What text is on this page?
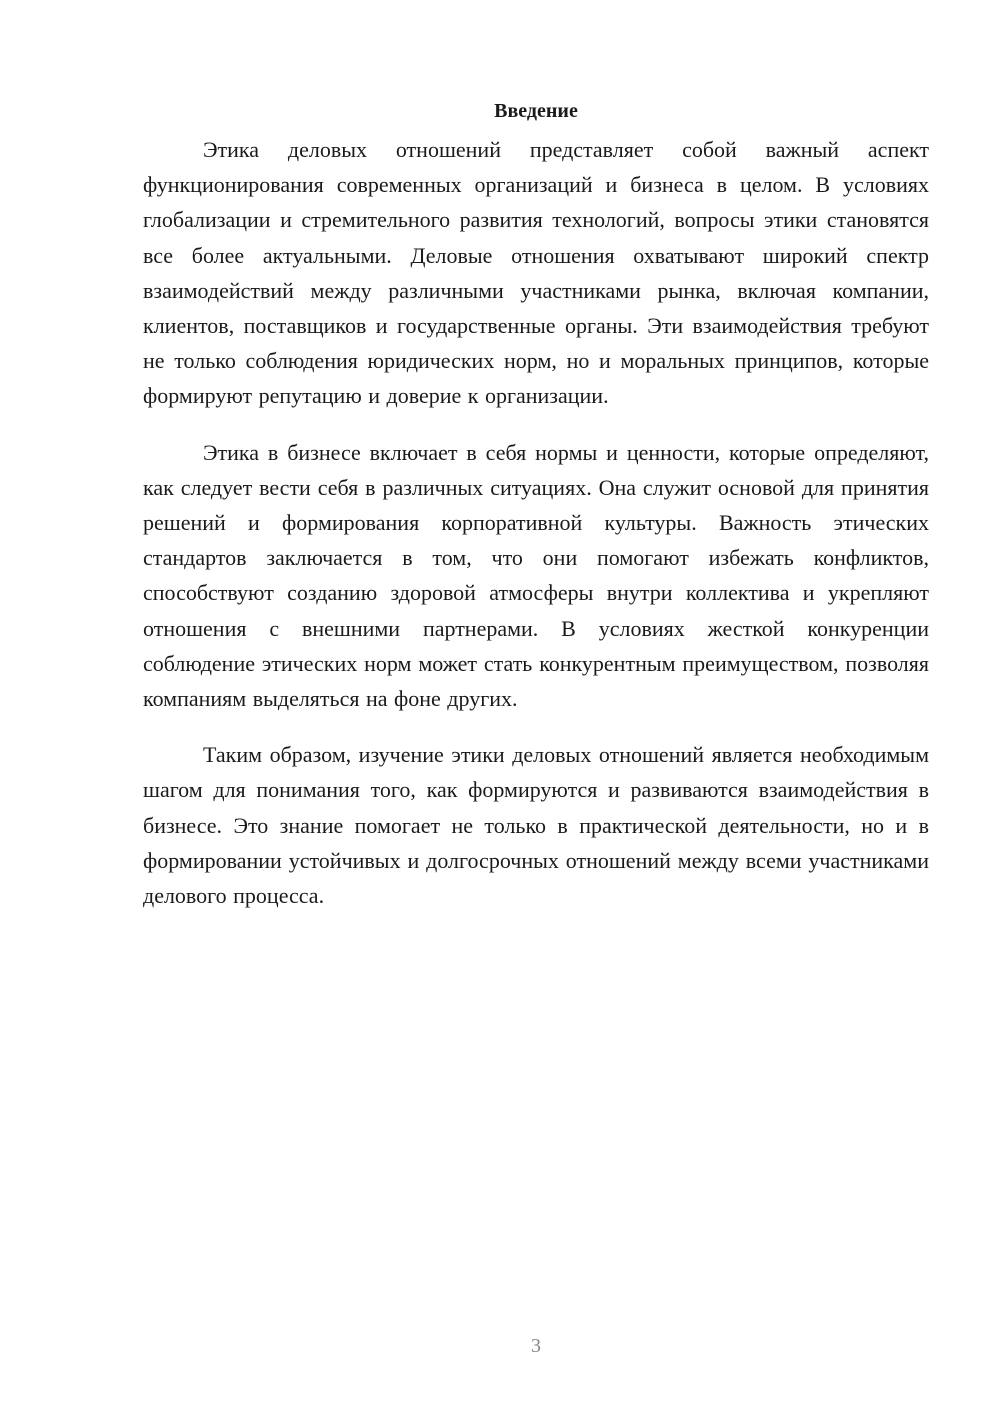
Введение

Этика деловых отношений представляет собой важный аспект функционирования современных организаций и бизнеса в целом. В условиях глобализации и стремительного развития технологий, вопросы этики становятся все более актуальными. Деловые отношения охватывают широкий спектр взаимодействий между различными участниками рынка, включая компании, клиентов, поставщиков и государственные органы. Эти взаимодействия требуют не только соблюдения юридических норм, но и моральных принципов, которые формируют репутацию и доверие к организации.

Этика в бизнесе включает в себя нормы и ценности, которые определяют, как следует вести себя в различных ситуациях. Она служит основой для принятия решений и формирования корпоративной культуры. Важность этических стандартов заключается в том, что они помогают избежать конфликтов, способствуют созданию здоровой атмосферы внутри коллектива и укрепляют отношения с внешними партнерами. В условиях жесткой конкуренции соблюдение этических норм может стать конкурентным преимуществом, позволяя компаниям выделяться на фоне других.

Таким образом, изучение этики деловых отношений является необходимым шагом для понимания того, как формируются и развиваются взаимодействия в бизнесе. Это знание помогает не только в практической деятельности, но и в формировании устойчивых и долгосрочных отношений между всеми участниками делового процесса.

3
